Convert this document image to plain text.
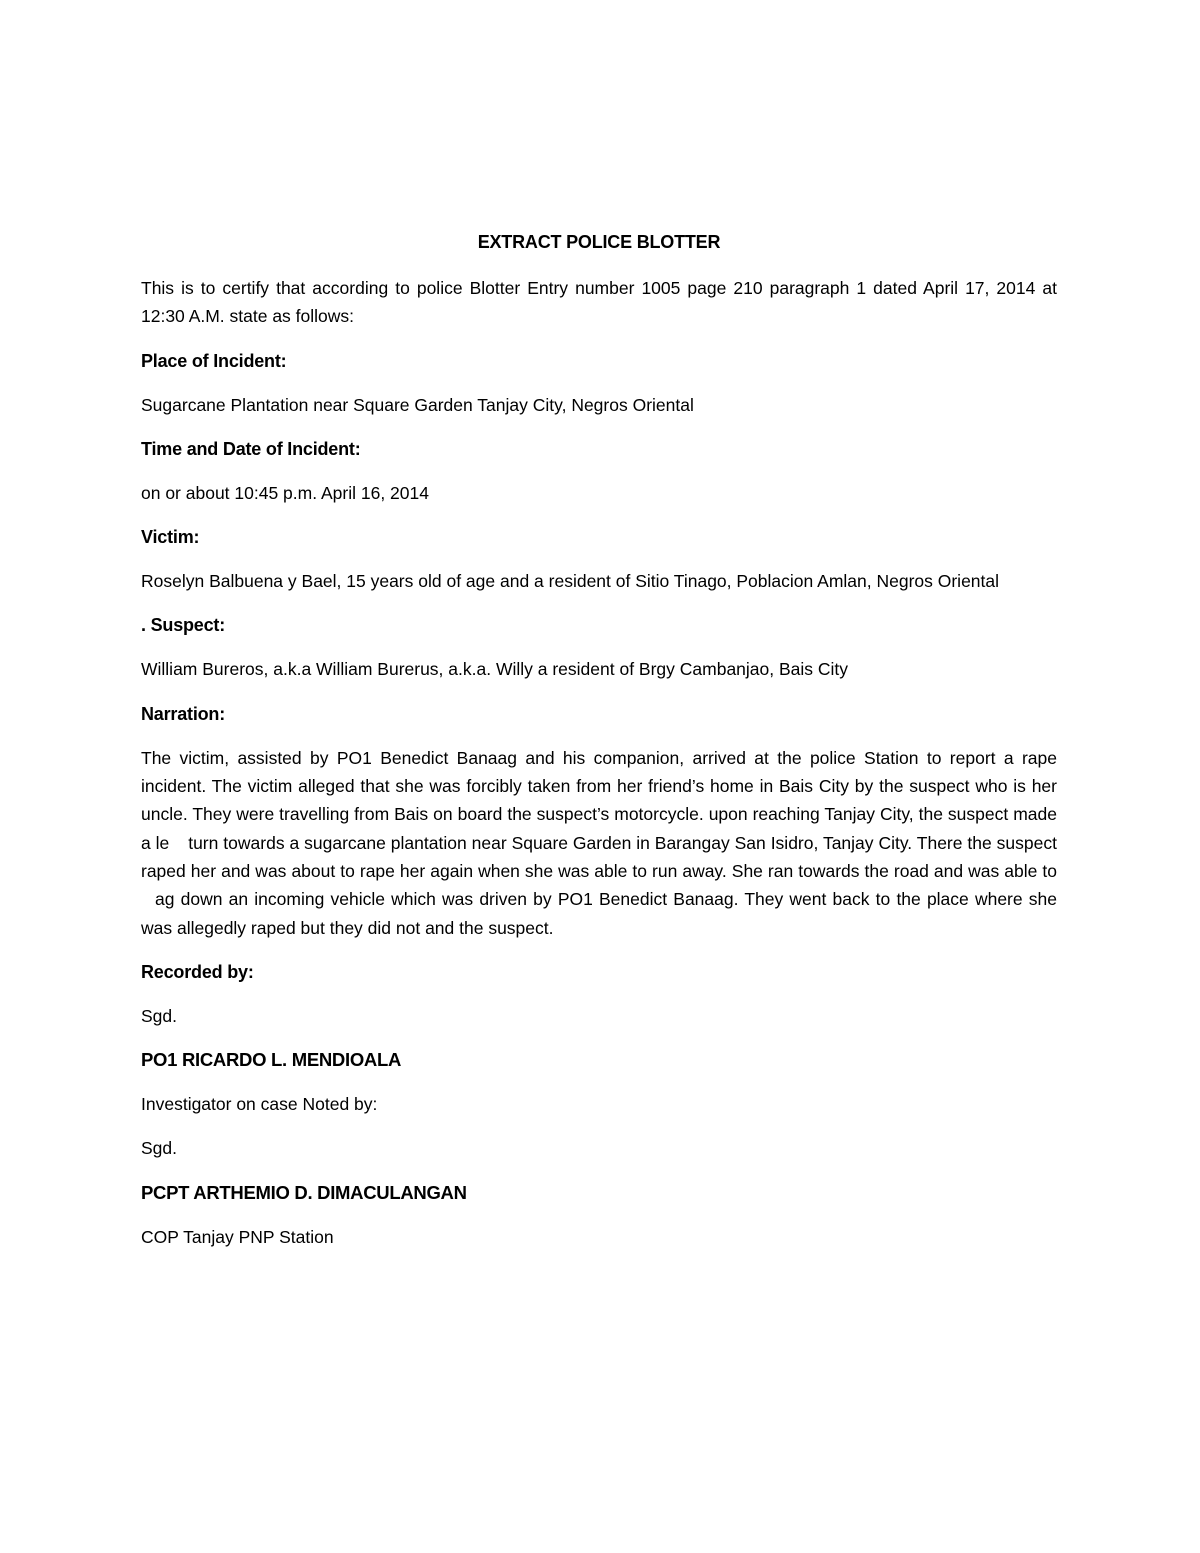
EXTRACT POLICE BLOTTER
This is to certify that according to police Blotter Entry number 1005 page 210 paragraph 1 dated April 17, 2014 at 12:30 A.M. state as follows:
Place of Incident:
Sugarcane Plantation near Square Garden Tanjay City, Negros Oriental
Time and Date of Incident:
on or about 10:45 p.m. April 16, 2014
Victim:
Roselyn Balbuena y Bael, 15 years old of age and a resident of Sitio Tinago, Poblacion Amlan, Negros Oriental
. Suspect:
William Bureros, a.k.a William Burerus, a.k.a. Willy a resident of Brgy Cambanjao, Bais City
Narration:
The victim, assisted by PO1 Benedict Banaag and his companion, arrived at the police Station to report a rape incident. The victim alleged that she was forcibly taken from her friend’s home in Bais City by the suspect who is her uncle. They were travelling from Bais on board the suspect’s motorcycle. upon reaching Tanjay City, the suspect made a le turn towards a sugarcane plantation near Square Garden in Barangay San Isidro, Tanjay City. There the suspect raped her and was about to rape her again when she was able to run away. She ran towards the road and was able to ag down an incoming vehicle which was driven by PO1 Benedict Banaag. They went back to the place where she was allegedly raped but they did not and the suspect.
Recorded by:
Sgd.
PO1 RICARDO L. MENDIOALA
Investigator on case Noted by:
Sgd.
PCPT ARTHEMIO D. DIMACULANGAN
COP Tanjay PNP Station
